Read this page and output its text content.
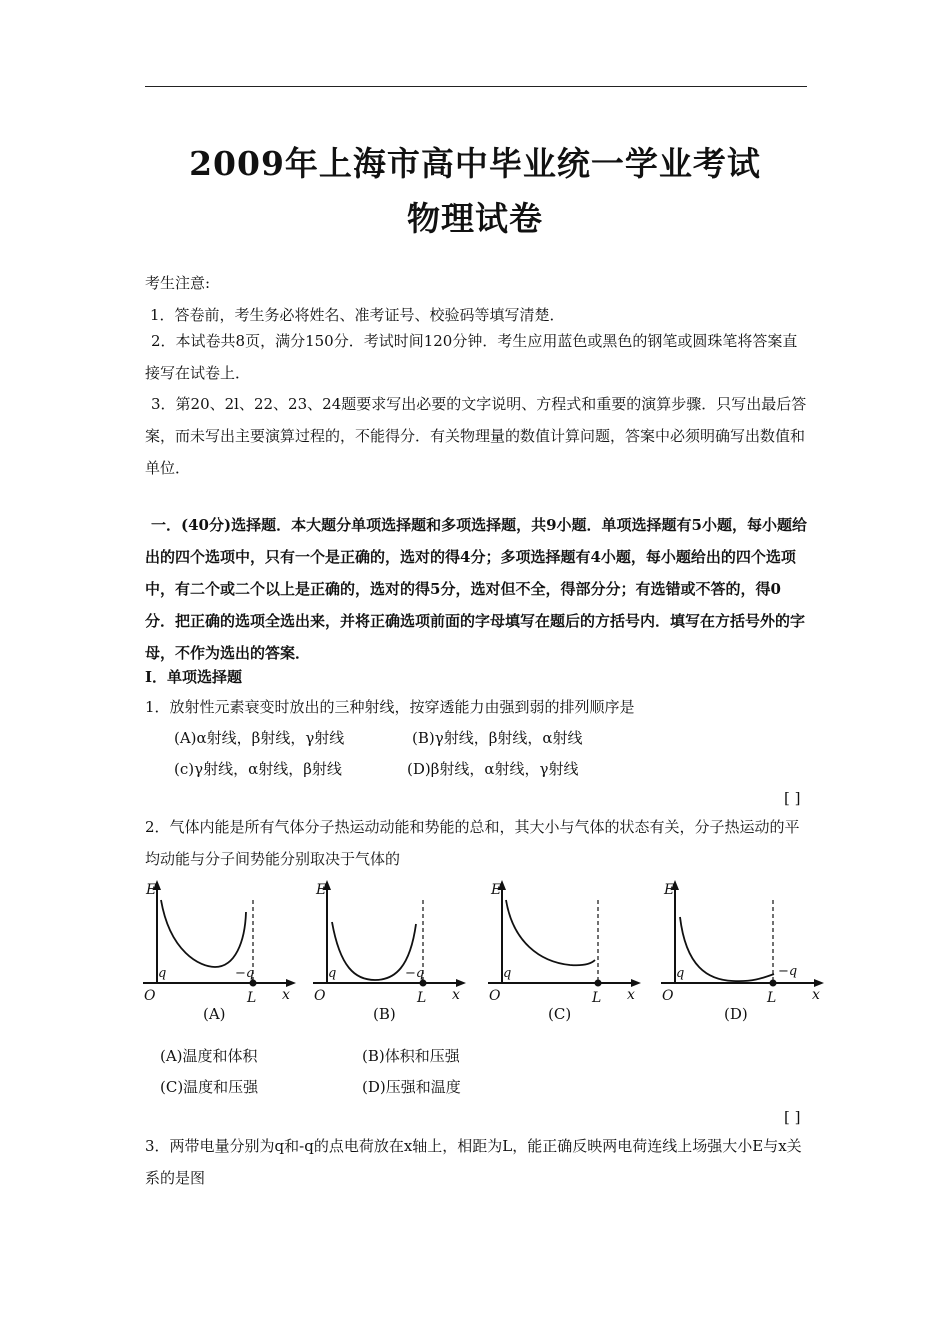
2009年上海市高中毕业统一学业考试
物理试卷
考生注意:
1．答卷前，考生务必将姓名、准考证号、校验码等填写清楚．
2．本试卷共8页，满分150分．考试时间120分钟．考生应用蓝色或黑色的钢笔或圆珠笔将答案直接写在试卷上．
3．第20、2l、22、23、24题要求写出必要的文字说明、方程式和重要的演算步骤．只写出最后答案，而未写出主要演算过程的，不能得分．有关物理量的数值计算问题，答案中必须明确写出数值和单位．
一．(40分)选择题．本大题分单项选择题和多项选择题，共9小题．单项选择题有5小题，每小题给出的四个选项中，只有一个是正确的，选对的得4分；多项选择题有4小题，每小题给出的四个选项中，有二个或二个以上是正确的，选对的得5分，选对但不全，得部分分；有选错或不答的，得0分．把正确的选项全选出来，并将正确选项前面的字母填写在题后的方括号内．填写在方括号外的字母，不作为选出的答案．
Ⅰ．单项选择题
1．放射性元素衰变时放出的三种射线，按穿透能力由强到弱的排列顺序是
(A)α射线，β射线，γ射线	(B)γ射线，β射线，α射线
(c)γ射线，α射线，β射线	(D)β射线，α射线，γ射线
[ ]
2．气体内能是所有气体分子热运动动能和势能的总和，其大小与气体的状态有关，分子热运动的平均动能与分子间势能分别取决于气体的
E
q	−q
O	L x
(A)
E
q	−q
O	L x
(B)
E
q
O	L x
(C)
E
q	−q
O	L	x
(D)
(A)温度和体积	(B)体积和压强
(C)温度和压强	(D)压强和温度
[ ]
3．两带电量分别为q和-q的点电荷放在x轴上，相距为L，能正确反映两电荷连线上场强大小E与x关系的是图
